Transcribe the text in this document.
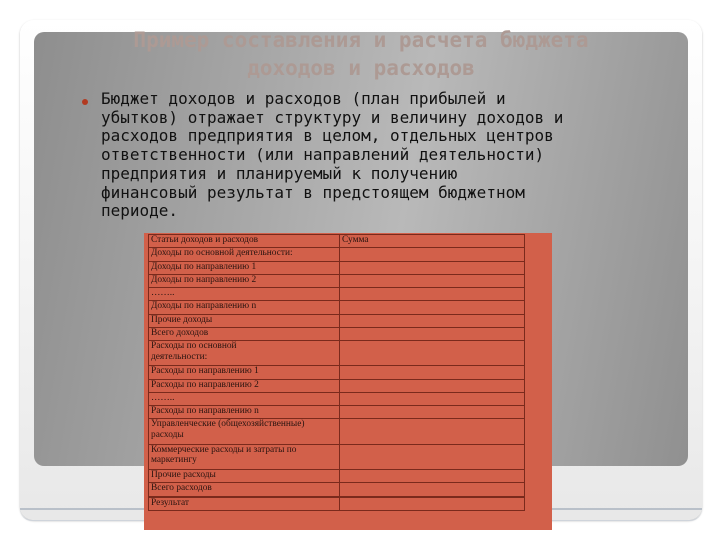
Пример составления и расчета бюджета
доходов и расходов

Бюджет доходов и расходов (план прибылей и
убытков) отражает структуру и величину доходов и
расходов предприятия в целом, отдельных центров
ответственности (или направлений деятельности)
предприятия и планируемый к получению
финансовый результат в предстоящем бюджетном
периоде.

Статьи доходов и расходов	Сумма
Доходы по основной деятельности:	
Доходы по направлению 1	
Доходы по направлению 2	
……..	
Доходы по направлению n	
Прочие доходы	
Всего доходов	
Расходы по основной
деятельности:	
Расходы по направлению 1	
Расходы по направлению 2	
……..	
Расходы по направлению n	
Управленческие (общехозяйственные)
расходы	
Коммерческие расходы и затраты по
маркетингу	
Прочие расходы	
Всего расходов	

Результат	
